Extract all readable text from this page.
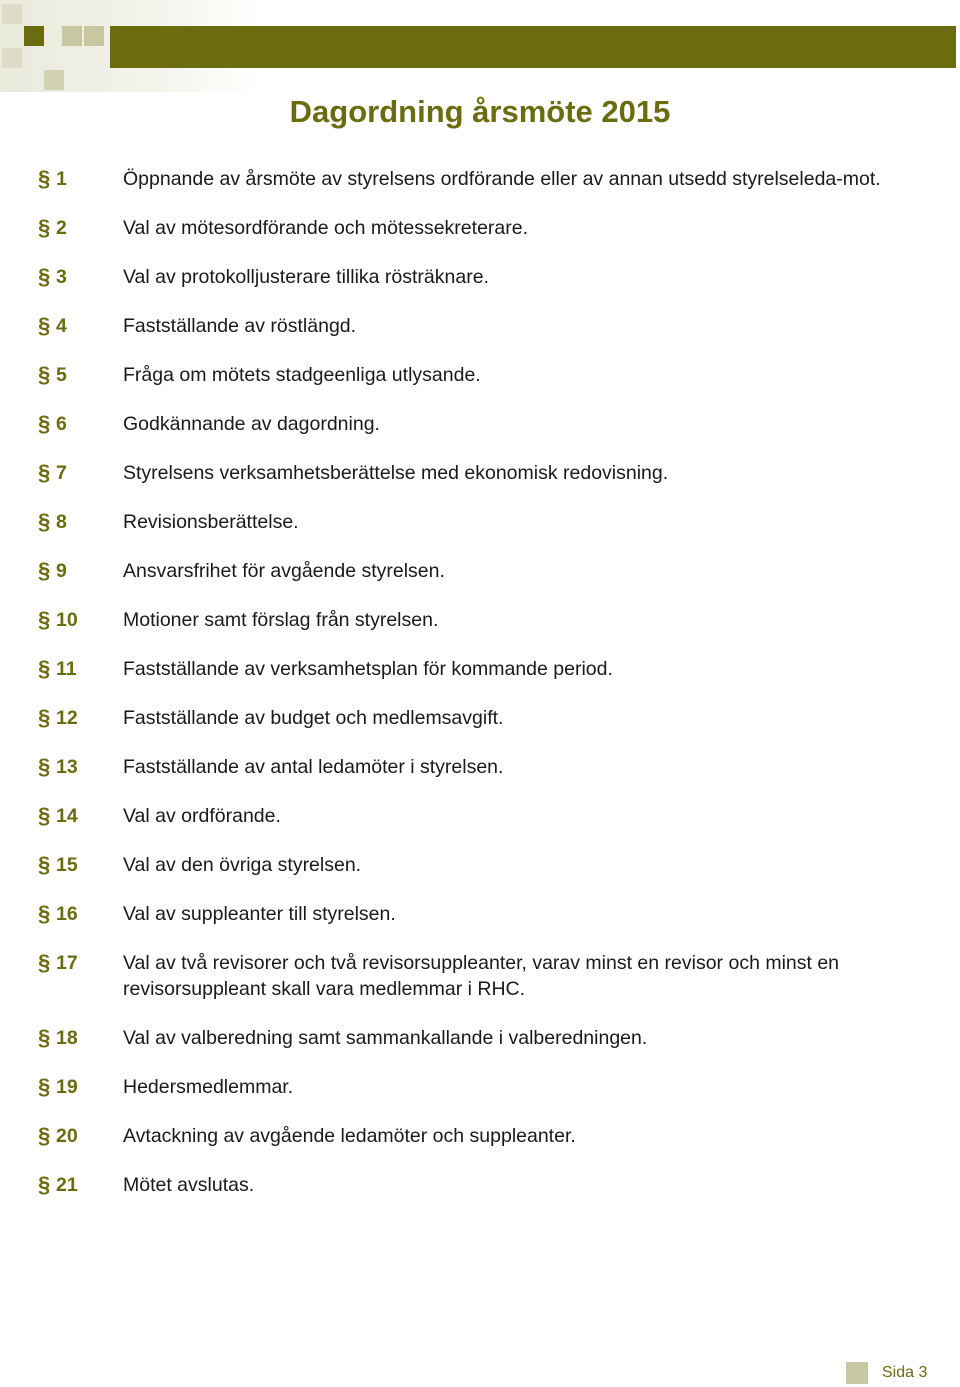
Dagordning årsmöte 2015
§ 1	Öppnande av årsmöte av styrelsens ordförande eller av annan utsedd styrelseleda-mot.
§ 2	Val av mötesordförande och mötessekreterare.
§ 3	Val av protokolljusterare tillika rösträknare.
§ 4	Fastställande av röstlängd.
§ 5	Fråga om mötets stadgeenliga utlysande.
§ 6	Godkännande av dagordning.
§ 7	Styrelsens verksamhetsberättelse med ekonomisk redovisning.
§ 8	Revisionsberättelse.
§ 9	Ansvarsfrihet för avgående styrelsen.
§ 10	Motioner samt förslag från styrelsen.
§ 11	Fastställande av verksamhetsplan för kommande period.
§ 12	Fastställande av budget och medlemsavgift.
§ 13	Fastställande av antal ledamöter i styrelsen.
§ 14	Val av ordförande.
§ 15	Val av den övriga styrelsen.
§ 16	Val av suppleanter till styrelsen.
§ 17	Val av två revisorer och två revisorsuppleanter, varav minst en revisor och minst en revisorsuppleant skall vara medlemmar i RHC.
§ 18	Val av valberedning samt sammankallande i valberedningen.
§ 19	Hedersmedlemmar.
§ 20	Avtackning av avgående ledamöter och suppleanter.
§ 21	Mötet avslutas.
Sida 3
